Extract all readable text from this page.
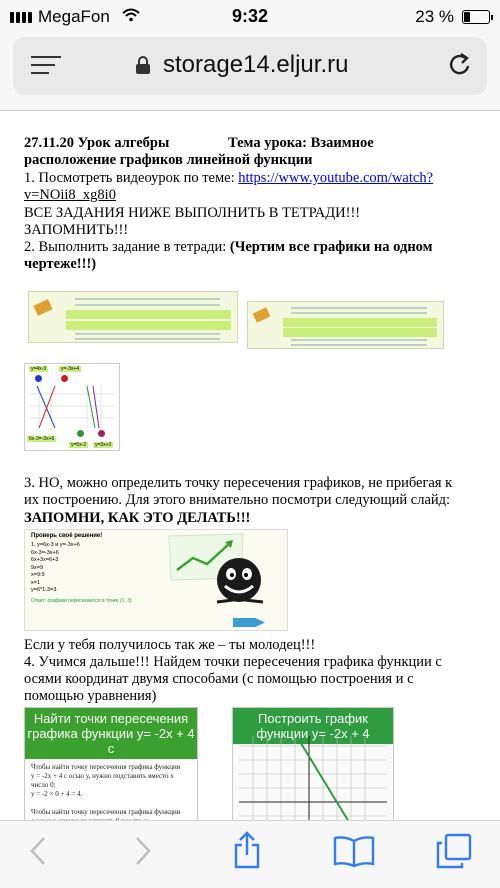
MegaFon	9:32	23 %
storage14.eljur.ru
27.11.20 Урок алгебры	Тема урока: Взаимное
расположение графиков линейной функции
1. Посмотреть видеоурок по теме: https://www.youtube.com/watch?
v=NOii8_xg8i0
ВСЕ ЗАДАНИЯ НИЖЕ ВЫПОЛНИТЬ В ТЕТРАДИ!!!
ЗАПОМНИТЬ!!!
2. Выполнить задание в тетради: (Чертим все графики на одном
чертеже!!!)
y=4x-3	y=-3x+4
6x-3=-3x+6
y=5x-2	y=3x+2
3. НО, можно определить точку пересечения графиков, не прибегая к
их построению. Для этого внимательно посмотри следующий слайд:
ЗАПОМНИ, КАК ЭТО ДЕЛАТЬ!!!
Проверь своё решение!
1. y=6x-3 и y=-3x+6
6x-3=-3x+6
6x+3x=6+3
9x=9
x=9:9
x=1
y=6*1-3=3
Ответ: графики пересекаются в точке (1; 3)
Если у тебя получилось так же – ты молодец!!!
4. Учимся дальше!!! Найдем точки пересечения графика функции с
осями координат двумя способами (с помощью построения и с
помощью уравнения)
Найти точки пересечения графика функции у= -2х + 4 с
Чтобы найти точку пересечения графика функции
у = -2х + 4 с осью у, нужно подставить вместо х
число 0:
у = -2 × 0 + 4 = 4.

Чтобы найти точку пересечения графика функции
Построить график функции у= -2х + 4
